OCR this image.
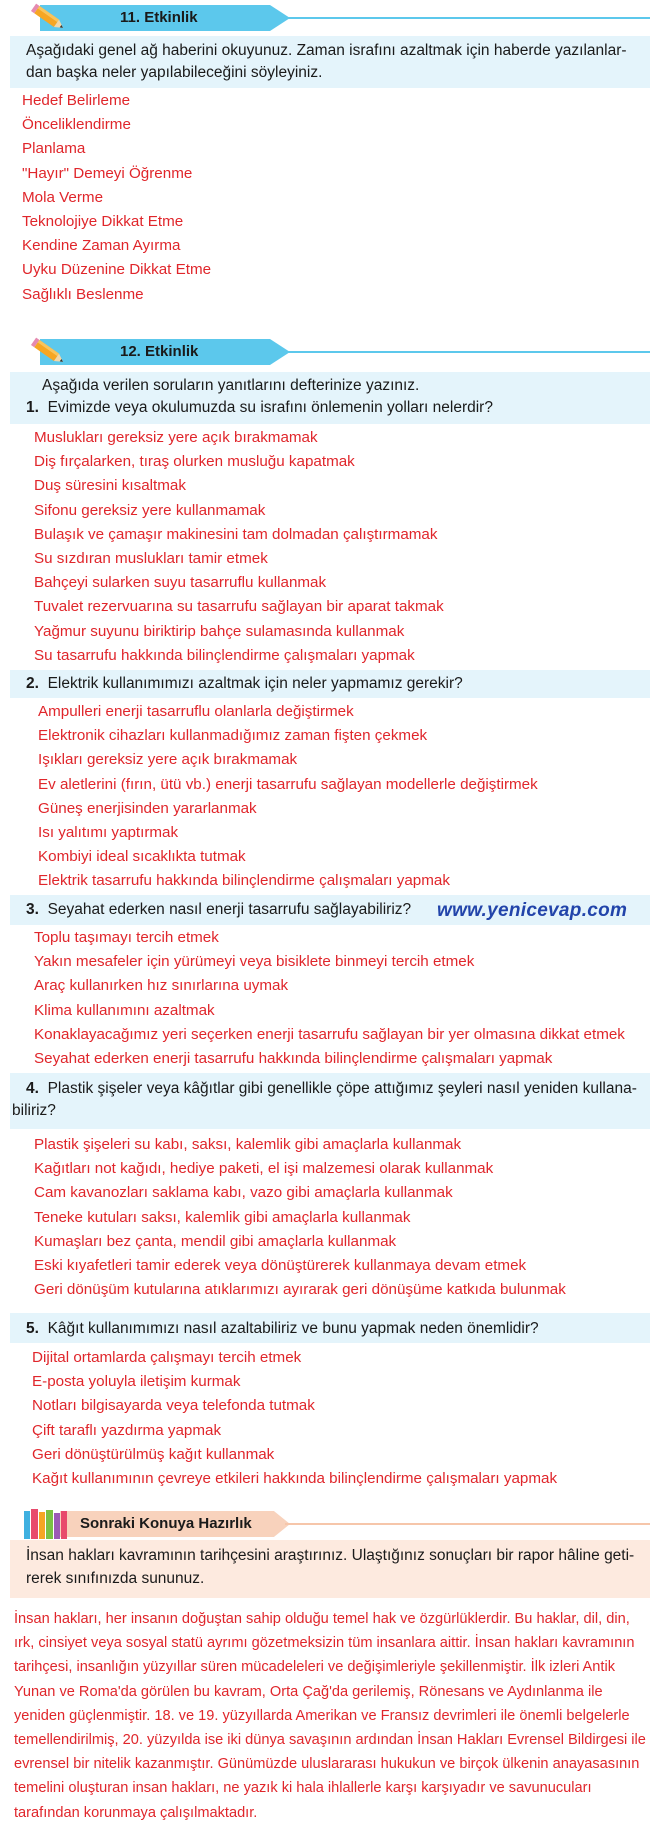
11. Etkinlik
Aşağıdaki genel ağ haberini okuyunuz. Zaman israfını azaltmak için haberde yazılanlar-
dan başka neler yapılabileceğini söyleyiniz.
Hedef Belirleme
Önceliklendirme
Planlama
"Hayır" Demeyi Öğrenme
Mola Verme
Teknolojiye Dikkat Etme
Kendine Zaman Ayırma
Uyku Düzenine Dikkat Etme
Sağlıklı Beslenme
12. Etkinlik
Aşağıda verilen soruların yanıtlarını defterinize yazınız.
1. Evimizde veya okulumuzda su israfını önlemenin yolları nelerdir?
Muslukları gereksiz yere açık bırakmamak
Diş fırçalarken, tıraş olurken musluğu kapatmak
Duş süresini kısaltmak
Sifonu gereksiz yere kullanmamak
Bulaşık ve çamaşır makinesini tam dolmadan çalıştırmamak
Su sızdıran muslukları tamir etmek
Bahçeyi sularken suyu tasarruflu kullanmak
Tuvalet rezervuarına su tasarrufu sağlayan bir aparat takmak
Yağmur suyunu biriktirip bahçe sulamasında kullanmak
Su tasarrufu hakkında bilinçlendirme çalışmaları yapmak
2. Elektrik kullanımımızı azaltmak için neler yapmamız gerekir?
Ampulleri enerji tasarruflu olanlarla değiştirmek
Elektronik cihazları kullanmadığımız zaman fişten çekmek
Işıkları gereksiz yere açık bırakmamak
Ev aletlerini (fırın, ütü vb.) enerji tasarrufu sağlayan modellerle değiştirmek
Güneş enerjisinden yararlanmak
Isı yalıtımı yaptırmak
Kombiyi ideal sıcaklıkta tutmak
Elektrik tasarrufu hakkında bilinçlendirme çalışmaları yapmak
3. Seyahat ederken nasıl enerji tasarrufu sağlayabiliriz?	www.yenicevap.com
Toplu taşımayı tercih etmek
Yakın mesafeler için yürümeyi veya bisiklete binmeyi tercih etmek
Araç kullanırken hız sınırlarına uymak
Klima kullanımını azaltmak
Konaklayacağımız yeri seçerken enerji tasarrufu sağlayan bir yer olmasına dikkat etmek
Seyahat ederken enerji tasarrufu hakkında bilinçlendirme çalışmaları yapmak
4. Plastik şişeler veya kâğıtlar gibi genellikle çöpe attığımız şeyleri nasıl yeniden kullana-
biliriz?
Plastik şişeleri su kabı, saksı, kalemlik gibi amaçlarla kullanmak
Kağıtları not kağıdı, hediye paketi, el işi malzemesi olarak kullanmak
Cam kavanozları saklama kabı, vazo gibi amaçlarla kullanmak
Teneke kutuları saksı, kalemlik gibi amaçlarla kullanmak
Kumaşları bez çanta, mendil gibi amaçlarla kullanmak
Eski kıyafetleri tamir ederek veya dönüştürerek kullanmaya devam etmek
Geri dönüşüm kutularına atıklarımızı ayırarak geri dönüşüme katkıda bulunmak
5. Kâğıt kullanımımızı nasıl azaltabiliriz ve bunu yapmak neden önemlidir?
Dijital ortamlarda çalışmayı tercih etmek
E-posta yoluyla iletişim kurmak
Notları bilgisayarda veya telefonda tutmak
Çift taraflı yazdırma yapmak
Geri dönüştürülmüş kağıt kullanmak
Kağıt kullanımının çevreye etkileri hakkında bilinçlendirme çalışmaları yapmak
Sonraki Konuya Hazırlık
İnsan hakları kavramının tarihçesini araştırınız. Ulaştığınız sonuçları bir rapor hâline geti-
rerek sınıfınızda sununuz.
İnsan hakları, her insanın doğuştan sahip olduğu temel hak ve özgürlüklerdir. Bu haklar, dil, din, ırk, cinsiyet veya sosyal statü ayrımı gözetmeksizin tüm insanlara aittir. İnsan hakları kavramının tarihçesi, insanlığın yüzyıllar süren mücadeleleri ve değişimleriyle şekillenmiştir. İlk izleri Antik Yunan ve Roma'da görülen bu kavram, Orta Çağ'da gerilemiş, Rönesans ve Aydınlanma ile yeniden güçlenmiştir. 18. ve 19. yüzyıllarda Amerikan ve Fransız devrimleri ile önemli belgelerle temellendirilmiş, 20. yüzyılda ise iki dünya savaşının ardından İnsan Hakları Evrensel Bildirgesi ile evrensel bir nitelik kazanmıştır. Günümüzde uluslararası hukukun ve birçok ülkenin anayasasının temelini oluşturan insan hakları, ne yazık ki hala ihlallerle karşı karşıyadır ve savunucuları tarafından korunmaya çalışılmaktadır.
